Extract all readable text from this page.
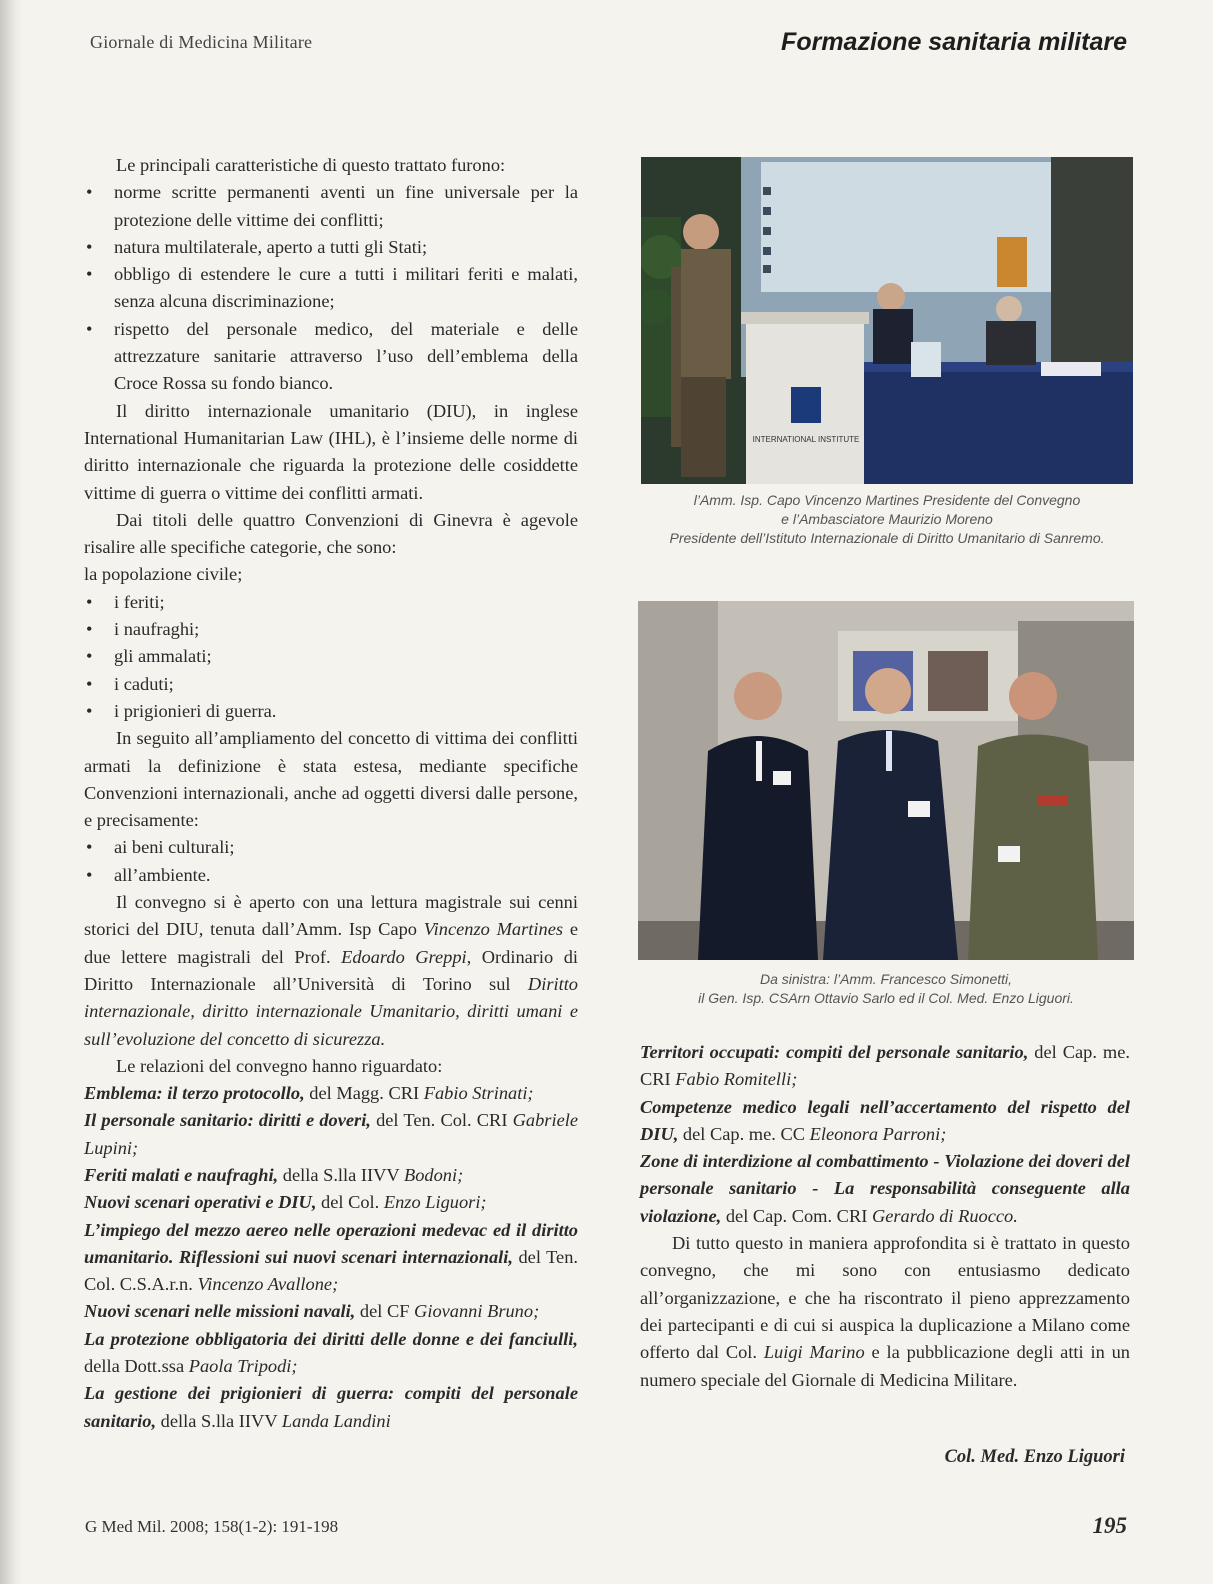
Giornale di Medicina Militare	Formazione sanitaria militare

Le principali caratteristiche di questo trattato furono:

• norme scritte permanenti aventi un fine universale per la protezione delle vittime dei conflitti;
• natura multilaterale, aperto a tutti gli Stati;
• obbligo di estendere le cure a tutti i militari feriti e malati, senza alcuna discriminazione;
• rispetto del personale medico, del materiale e delle attrezzature sanitarie attraverso l’uso dell’emblema della Croce Rossa su fondo bianco.

Il diritto internazionale umanitario (DIU), in inglese International Humanitarian Law (IHL), è l’insieme delle norme di diritto internazionale che riguarda la protezione delle cosiddette vittime di guerra o vittime dei conflitti armati.

Dai titoli delle quattro Convenzioni di Ginevra è agevole risalire alle specifiche categorie, che sono:

la popolazione civile;

• i feriti;
• i naufraghi;
• gli ammalati;
• i caduti;
• i prigionieri di guerra.

In seguito all’ampliamento del concetto di vittima dei conflitti armati la definizione è stata estesa, mediante specifiche Convenzioni internazionali, anche ad oggetti diversi dalle persone, e precisamente:

• ai beni culturali;
• all’ambiente.

Il convegno si è aperto con una lettura magistrale sui cenni storici del DIU, tenuta dall’Amm. Isp Capo Vincenzo Martines e due lettere magistrali del Prof. Edoardo Greppi, Ordinario di Diritto Internazionale all’Università di Torino sul Diritto internazionale, diritto internazionale Umanitario, diritti umani e sull’evoluzione del concetto di sicurezza.

Le relazioni del convegno hanno riguardato:

Emblema: il terzo protocollo, del Magg. CRI Fabio Strinati;

Il personale sanitario: diritti e doveri, del Ten. Col. CRI Gabriele Lupini;

Feriti malati e naufraghi, della S.lla IIVV Bodoni;

Nuovi scenari operativi e DIU, del Col. Enzo Liguori;

L’impiego del mezzo aereo nelle operazioni medevac ed il diritto umanitario. Riflessioni sui nuovi scenari internazionali, del Ten. Col. C.S.A.r.n. Vincenzo Avallone;

Nuovi scenari nelle missioni navali, del CF Giovanni Bruno;

La protezione obbligatoria dei diritti delle donne e dei fanciulli, della Dott.ssa Paola Tripodi;

La gestione dei prigionieri di guerra: compiti del personale sanitario, della S.lla IIVV Landa Landini

INTERNATIONAL INSTITUTE
l’Amm. Isp. Capo Vincenzo Martines Presidente del Convegno
e l’Ambasciatore Maurizio Moreno
Presidente dell’Istituto Internazionale di Diritto Umanitario di Sanremo.
Da sinistra: l’Amm. Francesco Simonetti,
il Gen. Isp. CSArn Ottavio Sarlo ed il Col. Med. Enzo Liguori.

Territori occupati: compiti del personale sanitario, del Cap. me. CRI Fabio Romitelli;

Competenze medico legali nell’accertamento del rispetto del DIU, del Cap. me. CC Eleonora Parroni;

Zone di interdizione al combattimento - Violazione dei doveri del personale sanitario - La responsabilità conseguente alla violazione, del Cap. Com. CRI Gerardo di Ruocco.

Di tutto questo in maniera approfondita si è trattato in questo convegno, che mi sono con entusiasmo dedicato all’organizzazione, e che ha riscontrato il pieno apprezzamento dei partecipanti e di cui si auspica la duplicazione a Milano come offerto dal Col. Luigi Marino e la pubblicazione degli atti in un numero speciale del Giornale di Medicina Militare.

Col. Med. Enzo Liguori
G Med Mil. 2008; 158(1-2): 191-198	195
